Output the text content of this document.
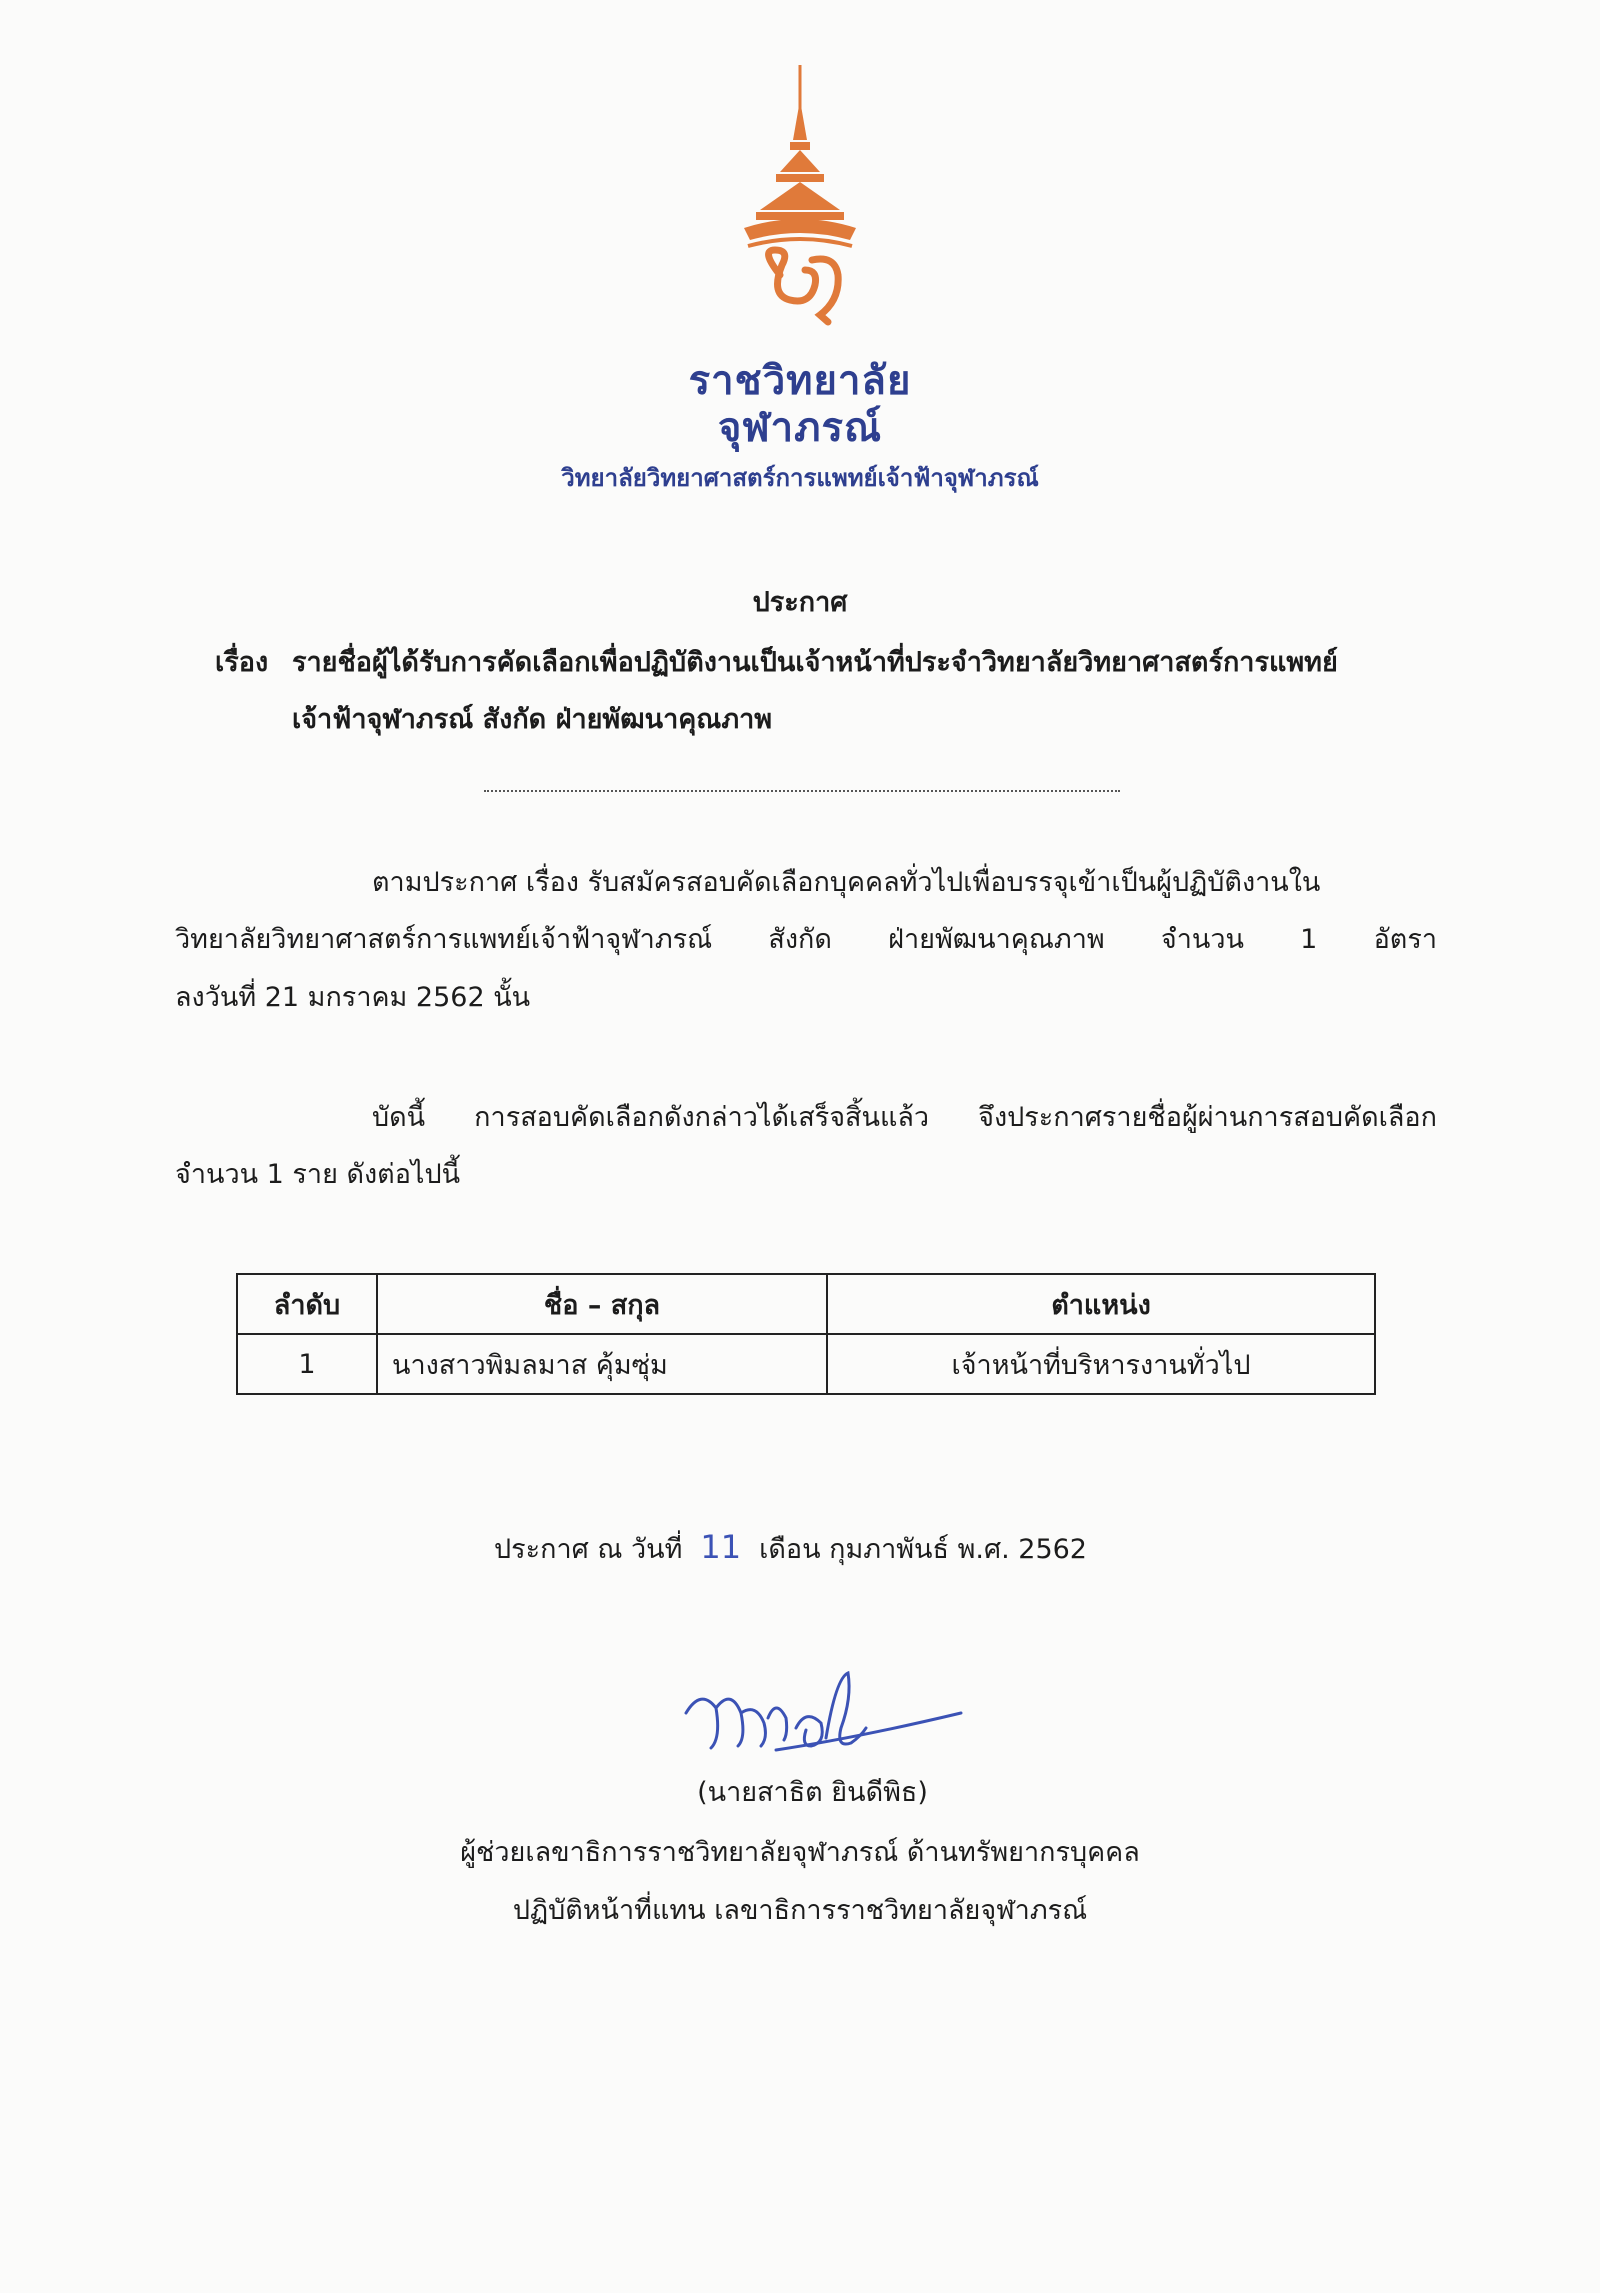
ราชวิทยาลัย
จุฬาภรณ์
วิทยาลัยวิทยาศาสตร์การแพทย์เจ้าฟ้าจุฬาภรณ์
ประกาศ
เรื่อง รายชื่อผู้ได้รับการคัดเลือกเพื่อปฏิบัติงานเป็นเจ้าหน้าที่ประจำวิทยาลัยวิทยาศาสตร์การแพทย์
เจ้าฟ้าจุฬาภรณ์ สังกัด ฝ่ายพัฒนาคุณภาพ
ตามประกาศ เรื่อง รับสมัครสอบคัดเลือกบุคคลทั่วไปเพื่อบรรจุเข้าเป็นผู้ปฏิบัติงานใน
วิทยาลัยวิทยาศาสตร์การแพทย์เจ้าฟ้าจุฬาภรณ์ สังกัด ฝ่ายพัฒนาคุณภาพ จำนวน 1 อัตรา
ลงวันที่ 21 มกราคม 2562 นั้น
บัดนี้ การสอบคัดเลือกดังกล่าวได้เสร็จสิ้นแล้ว จึงประกาศรายชื่อผู้ผ่านการสอบคัดเลือก
จำนวน 1 ราย ดังต่อไปนี้
ลำดับ	ชื่อ – สกุล	ตำแหน่ง
1	นางสาวพิมลมาส คุ้มซุ่ม	เจ้าหน้าที่บริหารงานทั่วไป
ประกาศ ณ วันที่ 11 เดือน กุมภาพันธ์ พ.ศ. 2562
(นายสาธิต ยินดีพิธ)
ผู้ช่วยเลขาธิการราชวิทยาลัยจุฬาภรณ์ ด้านทรัพยากรบุคคล
ปฏิบัติหน้าที่แทน เลขาธิการราชวิทยาลัยจุฬาภรณ์
